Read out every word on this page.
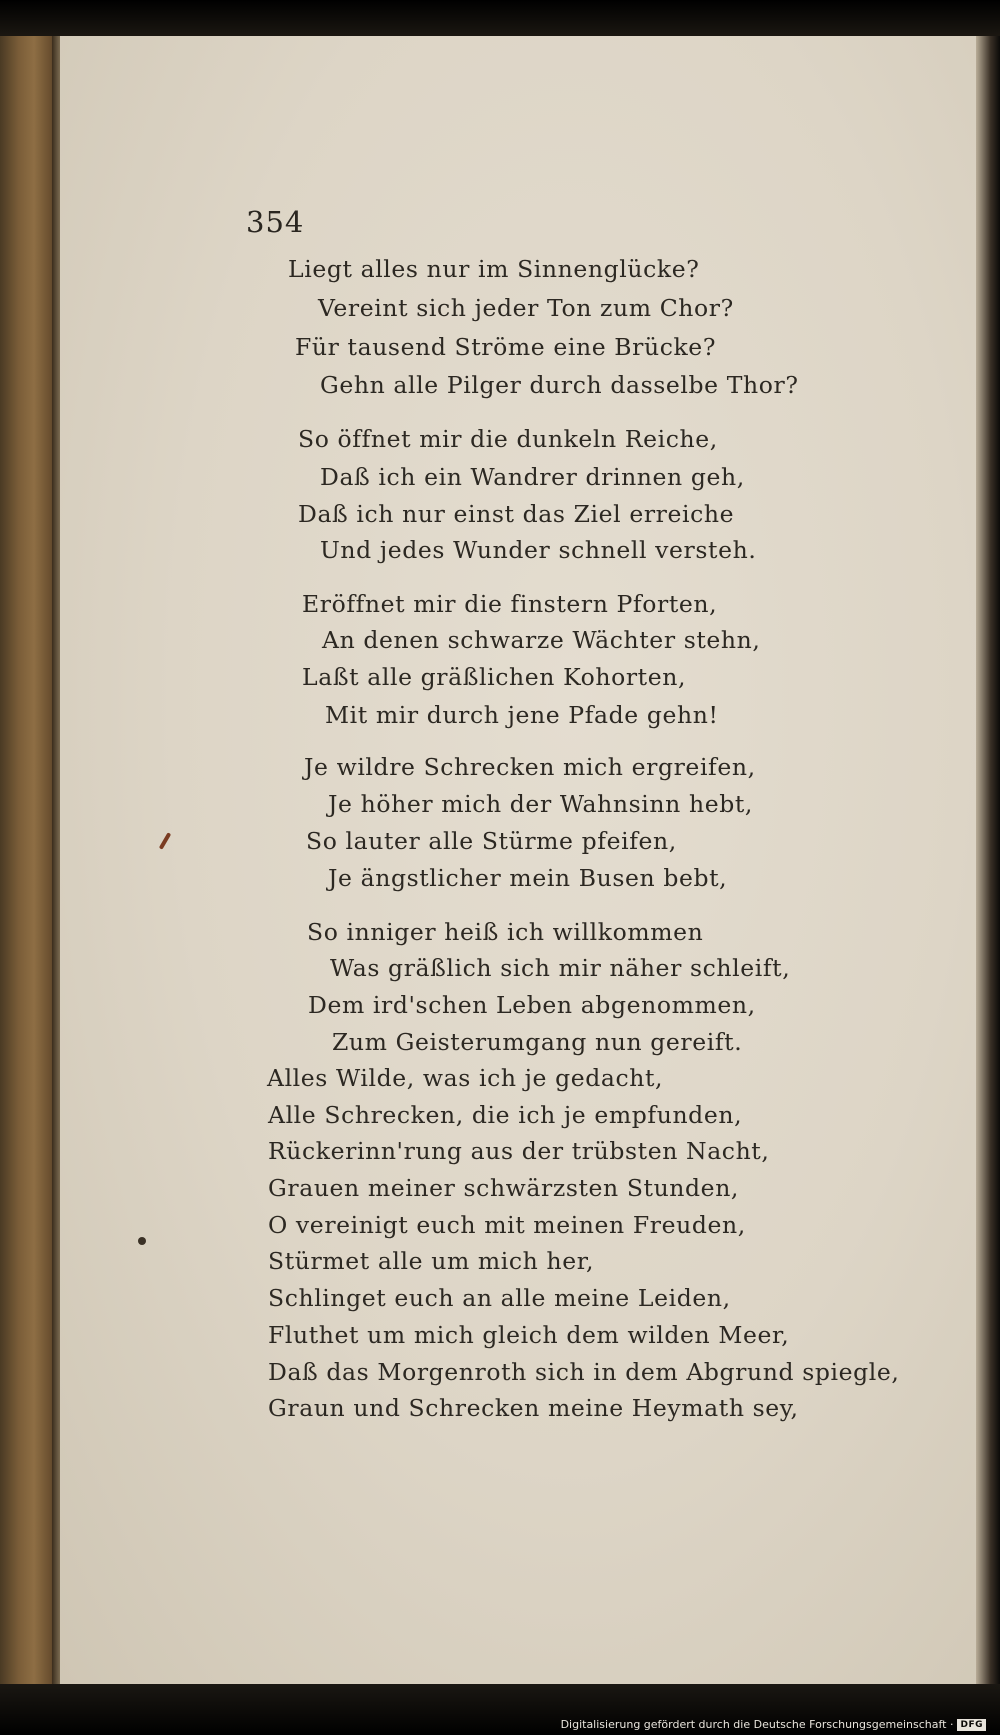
354
Liegt alles nur im Sinnenglücke?
Vereint sich jeder Ton zum Chor?
Für tausend Ströme eine Brücke?
Gehn alle Pilger durch dasselbe Thor?
So öffnet mir die dunkeln Reiche,
Daß ich ein Wandrer drinnen geh,
Daß ich nur einst das Ziel erreiche
Und jedes Wunder schnell versteh.
Eröffnet mir die finstern Pforten,
An denen schwarze Wächter stehn,
Laßt alle gräßlichen Kohorten,
Mit mir durch jene Pfade gehn!
Je wildre Schrecken mich ergreifen,
Je höher mich der Wahnsinn hebt,
So lauter alle Stürme pfeifen,
Je ängstlicher mein Busen bebt,
So inniger heiß ich willkommen
Was gräßlich sich mir näher schleift,
Dem ird'schen Leben abgenommen,
Zum Geisterumgang nun gereift.
Alles Wilde, was ich je gedacht,
Alle Schrecken, die ich je empfunden,
Rückerinn'rung aus der trübsten Nacht,
Grauen meiner schwärzsten Stunden,
O vereinigt euch mit meinen Freuden,
Stürmet alle um mich her,
Schlinget euch an alle meine Leiden,
Fluthet um mich gleich dem wilden Meer,
Daß das Morgenroth sich in dem Abgrund spiegle,
Graun und Schrecken meine Heymath sey,
Digitalisierung gefördert durch die Deutsche Forschungsgemeinschaft · DFG
